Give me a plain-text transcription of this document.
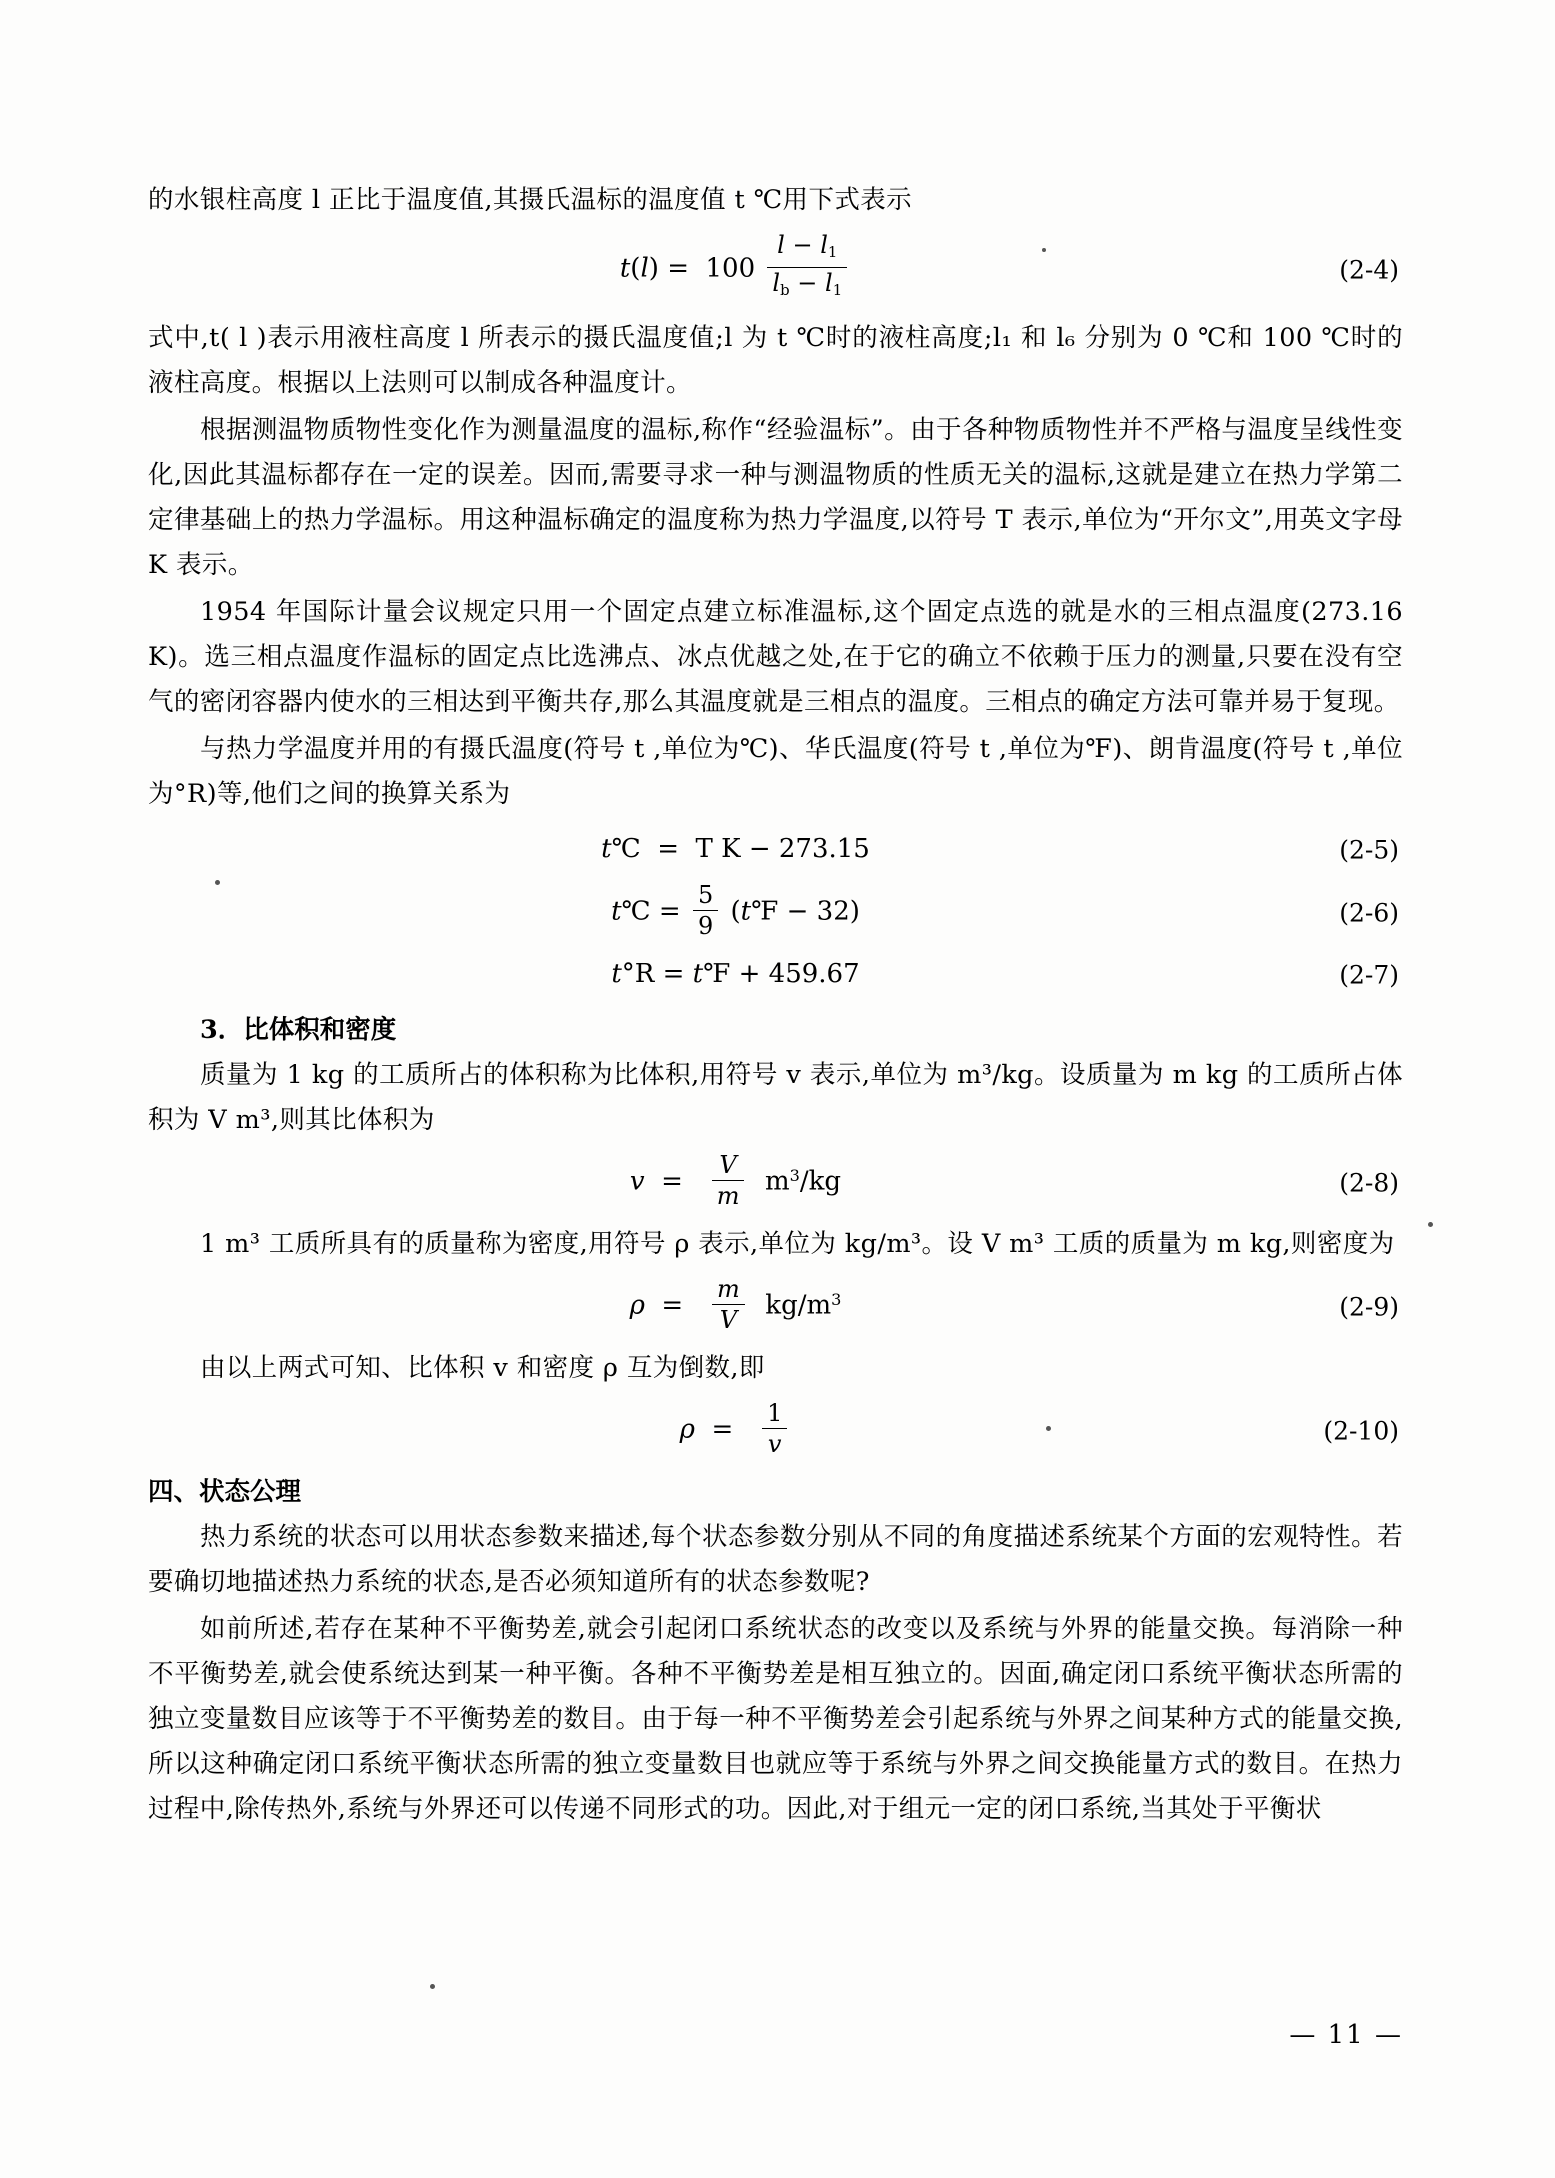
的水银柱高度 l 正比于温度值,其摄氏温标的温度值 t ℃用下式表示

$t(l) = 100 \frac{l - l_1}{l_b - l_1}$	(2-4)

式中,t( l )表示用液柱高度 l 所表示的摄氏温度值;l 为 t ℃时的液柱高度;l₁ 和 l₆ 分别为 0 ℃和 100 ℃时的液柱高度。根据以上法则可以制成各种温度计。

根据测温物质物性变化作为测量温度的温标,称作“经验温标”。由于各种物质物性并不严格与温度呈线性变化,因此其温标都存在一定的误差。因而,需要寻求一种与测温物质的性质无关的温标,这就是建立在热力学第二定律基础上的热力学温标。用这种温标确定的温度称为热力学温度,以符号 T 表示,单位为“开尔文”,用英文字母 K 表示。

1954 年国际计量会议规定只用一个固定点建立标准温标,这个固定点选的就是水的三相点温度(273.16 K)。选三相点温度作温标的固定点比选沸点、冰点优越之处,在于它的确立不依赖于压力的测量,只要在没有空气的密闭容器内使水的三相达到平衡共存,那么其温度就是三相点的温度。三相点的确定方法可靠并易于复现。

与热力学温度并用的有摄氏温度(符号 t ,单位为℃)、华氏温度(符号 t ,单位为℉)、朗肯温度(符号 t ,单位为°R)等,他们之间的换算关系为

t℃  =  T K − 273.15	(2-5)
t℃ = $\frac{5}{9}$ (t℉ − 32)	(2-6)
t°R = t℉ + 459.67	(2-7)
3．比体积和密度

质量为 1 kg 的工质所占的体积称为比体积,用符号 v 表示,单位为 m³/kg。设质量为 m kg 的工质所占体积为 V m³,则其比体积为

$v = \frac{V}{m} m^3/kg$	(2-8)

1 m³ 工质所具有的质量称为密度,用符号 ρ 表示,单位为 kg/m³。设 V m³ 工质的质量为 m kg,则密度为

$\rho = \frac{m}{V} kg/m^3$	(2-9)

由以上两式可知、比体积 v 和密度 ρ 互为倒数,即

$\rho = \frac{1}{v}$	(2-10)
四、状态公理

热力系统的状态可以用状态参数来描述,每个状态参数分别从不同的角度描述系统某个方面的宏观特性。若要确切地描述热力系统的状态,是否必须知道所有的状态参数呢?

如前所述,若存在某种不平衡势差,就会引起闭口系统状态的改变以及系统与外界的能量交换。每消除一种不平衡势差,就会使系统达到某一种平衡。各种不平衡势差是相互独立的。因面,确定闭口系统平衡状态所需的独立变量数目应该等于不平衡势差的数目。由于每一种不平衡势差会引起系统与外界之间某种方式的能量交换,所以这种确定闭口系统平衡状态所需的独立变量数目也就应等于系统与外界之间交换能量方式的数目。在热力过程中,除传热外,系统与外界还可以传递不同形式的功。因此,对于组元一定的闭口系统,当其处于平衡状

— 11 —
